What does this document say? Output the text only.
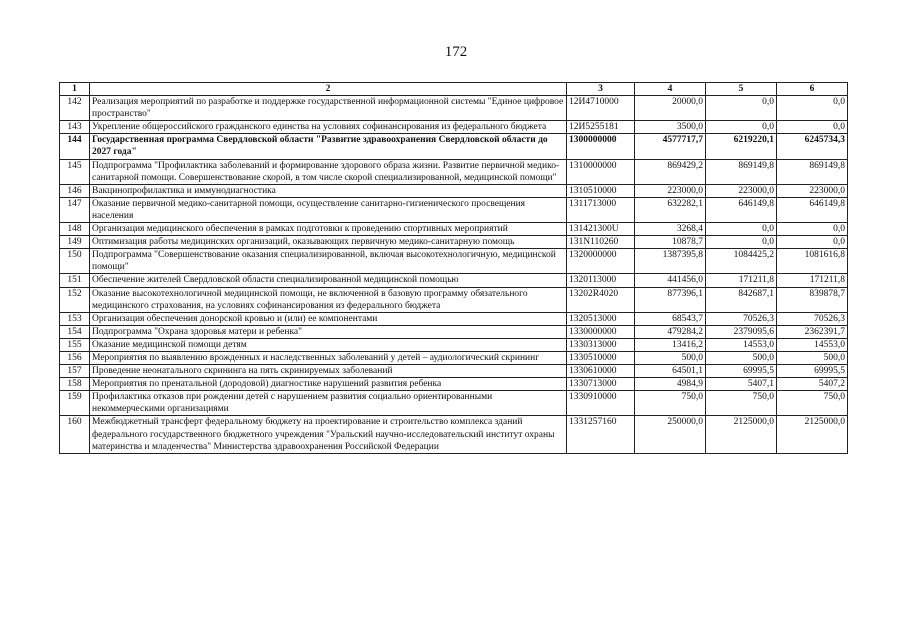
172
1	2	3	4	5	6
142	Реализация мероприятий по разработке и поддержке государственной информационной системы "Единое цифровое пространство"	12И4710000	20000,0	0,0	0,0
143	Укрепление общероссийского гражданского единства на условиях софинансирования из федерального бюджета	12И5255181	3500,0	0,0	0,0
144	Государственная программа Свердловской области "Развитие здравоохранения Свердловской области до 2027 года"	1300000000	4577717,7	6219220,1	6245734,3
145	Подпрограмма "Профилактика заболеваний и формирование здорового образа жизни. Развитие первичной медико-санитарной помощи. Совершенствование скорой, в том числе скорой специализированной, медицинской помощи"	1310000000	869429,2	869149,8	869149,8
146	Вакцинопрофилактика и иммунодиагностика	1310510000	223000,0	223000,0	223000,0
147	Оказание первичной медико-санитарной помощи, осуществление санитарно-гигиенического просвещения населения	1311713000	632282,1	646149,8	646149,8
148	Организация медицинского обеспечения в рамках подготовки к проведению спортивных мероприятий	131421300U	3268,4	0,0	0,0
149	Оптимизация работы медицинских организаций, оказывающих первичную медико-санитарную помощь	131N110260	10878,7	0,0	0,0
150	Подпрограмма "Совершенствование оказания специализированной, включая высокотехнологичную, медицинской помощи"	1320000000	1387395,8	1084425,2	1081616,8
151	Обеспечение жителей Свердловской области специализированной медицинской помощью	1320113000	441456,0	171211,8	171211,8
152	Оказание высокотехнологичной медицинской помощи, не включенной в базовую программу обязательного медицинского страхования, на условиях софинансирования из федерального бюджета	13202R4020	877396,1	842687,1	839878,7
153	Организация обеспечения донорской кровью и (или) ее компонентами	1320513000	68543,7	70526,3	70526,3
154	Подпрограмма "Охрана здоровья матери и ребенка"	1330000000	479284,2	2379095,6	2362391,7
155	Оказание медицинской помощи детям	1330313000	13416,2	14553,0	14553,0
156	Мероприятия по выявлению врожденных и наследственных заболеваний у детей – аудиологический скрининг	1330510000	500,0	500,0	500,0
157	Проведение неонатального скрининга на пять скринируемых заболеваний	1330610000	64501,1	69995,5	69995,5
158	Мероприятия по пренатальной (дородовой) диагностике нарушений развития ребенка	1330713000	4984,9	5407,1	5407,2
159	Профилактика отказов при рождении детей с нарушением развития социально ориентированными некоммерческими организациями	1330910000	750,0	750,0	750,0
160	Межбюджетный трансферт федеральному бюджету на проектирование и строительство комплекса зданий федерального государственного бюджетного учреждения "Уральский научно-исследовательский институт охраны материнства и младенчества" Министерства здравоохранения Российской Федерации	1331257160	250000,0	2125000,0	2125000,0
